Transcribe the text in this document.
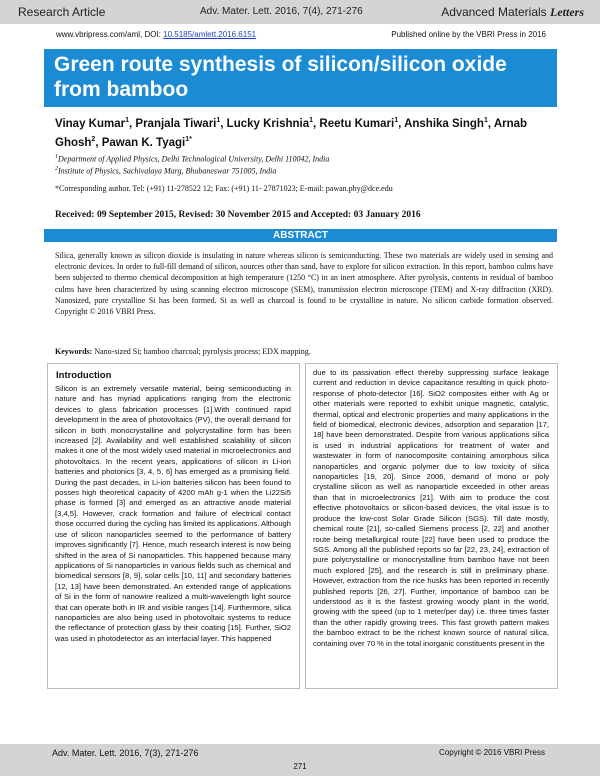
Research Article	Adv. Mater. Lett. 2016, 7(4), 271-276	Advanced Materials Letters
www.vbripress.com/aml, DOI: 10.5185/amlett.2016.6151	Published online by the VBRI Press in 2016
Green route synthesis of silicon/silicon oxide from bamboo
Vinay Kumar$^1$, Pranjala Tiwari$^1$, Lucky Krishnia$^1$, Reetu Kumari$^1$, Anshika Singh$^1$, Arnab Ghosh$^2$, Pawan K. Tyagi$^{1*}$
$^1$Department of Applied Physics, Delhi Technological University, Delhi 110042, India
$^2$Institute of Physics, Sachivalaya Marg, Bhubaneswar 751005, India
*Corresponding author. Tel: (+91) 11-278522 12; Fax: (+91) 11- 27871023; E-mail: pawan.phy@dce.edu
Received: 09 September 2015, Revised: 30 November 2015 and Accepted: 03 January 2016
ABSTRACT
Silica, generally known as silicon dioxide is insulating in nature whereas silicon is semiconducting. These two materials are widely used in sensing and electronic devices. In order to full-fill demand of silicon, sources other than sand, have to explore for silicon extraction. In this report, bamboo culms have been subjected to thermo chemical decomposition at high temperature (1250 °C) in an inert atmosphere. After pyrolysis, contents in residual of bamboo culms have been characterized by using scanning electron microscope (SEM), transmission electron microscope (TEM) and X-ray diffraction (XRD). Nanosized, pure crystalline Si has been formed. Si as well as charcoal is found to be crystalline in nature. No silicon carbide formation observed. Copyright © 2016 VBRI Press.
Keywords: Nano-sized Si; bamboo charcoal; pyrolysis process; EDX mapping.
Introduction
Silicon is an extremely versatile material, being semiconducting in nature and has myriad applications ranging from the electronic devices to glass fabrication processes [1].With continued rapid development in the area of photovoltaics (PV), the overall demand for silicon in both monocrystalline and polycrystalline form has been increased [2]. Availability and well established scalability of silicon makes it one of the most widely used material in microelectronics and photovoltaics. In the recent years, applications of silicon in Li-ion batteries and photonics [3, 4, 5, 6] has emerged as a promising field. During the past decades, in Li-ion batteries silicon has been found to posses high theoretical capacity of 4200 mAh g-1 when the Li22Si5 phase is formed [3] and emerged as an attractive anode material [3,4,5]. However, crack formation and failure of electrical contact those occurred during the cycling has limited its applications. Although use of silicon nanoparticles seemed to the performance of battery improves significantly [7]. Hence, much research interest is now being shifted in the area of Si nanoparticles. This happened because many applications of Si nanoparticles in various fields such as chemical and biomedical sensors [8, 9], solar cells [10, 11] and secondary batteries [12, 13] have been demonstrated. An extended range of applications of Si in the form of nanowire realized a multi-wavelength light source that can operate both in IR and visible ranges [14]. Furthermore, silica nanoparticles are also being used in photovoltaic systems to reduce the reflectance of protection glass by their coating [15]. Further, SiO2 was used in photodetector as an interfacial layer. This happened
due to its passivation effect thereby suppressing surface leakage current and reduction in device capacitance resulting in quick photo-response of photo-detector [16]. SiO2 composites either with Ag or other materials were reported to exhibit unique magnetic, catalytic, thermal, optical and electronic properties and many applications in the field of biomedical, electronic devices, adsorption and separation [17, 18] have been demonstrated. Despite from various applications silica is used in industrial applications for treatment of water and wastewater in form of nanocomposite containing amorphous silica nanoparticles and organic polymer due to low toxicity of silica nanoparticles [19, 20]. Since 2006, demand of mono or poly crystalline silicon as well as nanoparticle exceeded in other areas than that in microelectronics [21]. With aim to produce the cost effective photovoltaics or silicon-based devices, the vital issue is to produce the low-cost Solar Grade Silicon (SGS). Till date mostly, chemical route [21], so-called Siemens process [2, 22] and another route being metallurgical route [22] have been used to produce the SGS. Among all the published reports so far [22, 23, 24], extraction of pure polycrystalline or monocrystalline from bamboo have not been much explored [25], and the research is still in preliminary phase. However, extraction from the rice husks has been reported in recently published reports [26, 27]. Further, importance of bamboo can be understood as it is the fastest growing woody plant in the world, growing with the speed (up to 1 meter/per day) i.e. three times faster than the other rapidly growing trees. This fast growth pattern makes the bamboo extract to be the richest known source of natural silica, containing over 70 % in the total inorganic constituents present in the
Adv. Mater. Lett. 2016, 7(3), 271-276	Copyright © 2016 VBRI Press
271
